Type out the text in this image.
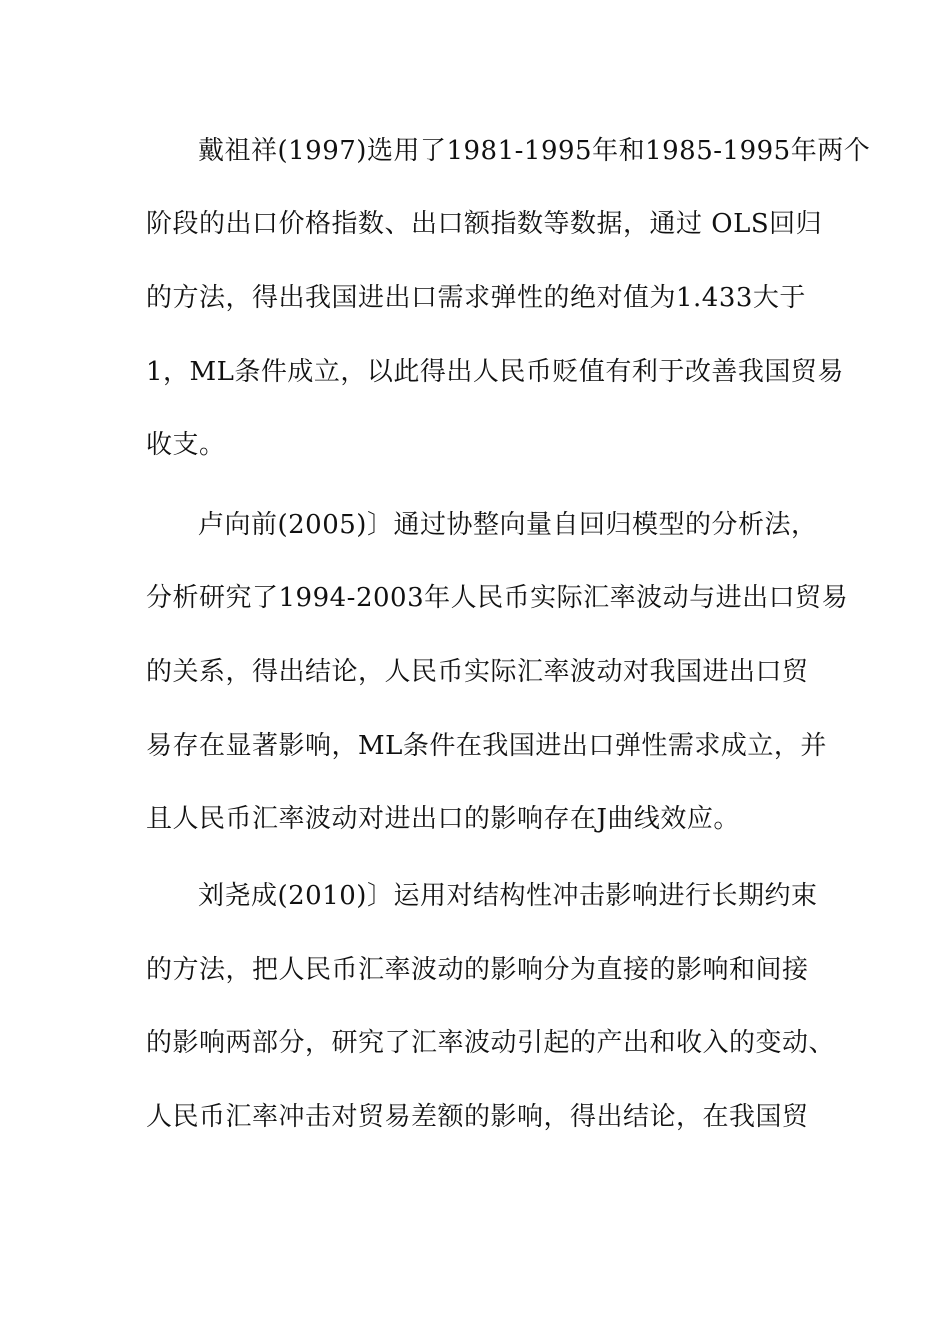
戴祖祥(1997)选用了1981-1995年和1985-1995年两个
阶段的出口价格指数、出口额指数等数据，通过 OLS回归
的方法，得出我国进出口需求弹性的绝对值为1.433大于
1，ML条件成立，以此得出人民币贬值有利于改善我国贸易
收支。
卢向前(2005)〕通过协整向量自回归模型的分析法，
分析研究了1994-2003年人民币实际汇率波动与进出口贸易
的关系，得出结论，人民币实际汇率波动对我国进出口贸
易存在显著影响，ML条件在我国进出口弹性需求成立，并
且人民币汇率波动对进出口的影响存在J曲线效应。
刘尧成(2010)〕运用对结构性冲击影响进行长期约束
的方法，把人民币汇率波动的影响分为直接的影响和间接
的影响两部分，研究了汇率波动引起的产出和收入的变动、
人民币汇率冲击对贸易差额的影响，得出结论，在我国贸
